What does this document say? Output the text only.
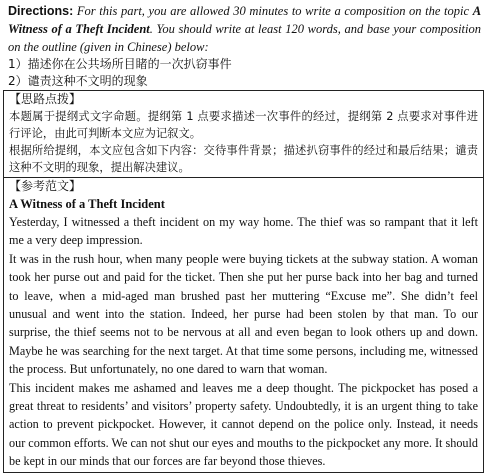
Directions: For this part, you are allowed 30 minutes to write a composition on the topic A Witness of a Theft Incident. You should write at least 120 words, and base your composition on the outline (given in Chinese) below:
1）描述你在公共场所目睹的一次扒窃事件
2）谴责这种不文明的现象
【思路点拨】
本题属于提纲式文字命题。提纲第 1 点要求描述一次事件的经过，提纲第 2 点要求对事件进行评论，由此可判断本文应为记叙文。
根据所给提纲，本文应包含如下内容：交待事件背景；描述扒窃事件的经过和最后结果；谴责这种不文明的现象，提出解决建议。
【参考范文】
A Witness of a Theft Incident

Yesterday, I witnessed a theft incident on my way home. The thief was so rampant that it left me a very deep impression.

It was in the rush hour, when many people were buying tickets at the subway station. A woman took her purse out and paid for the ticket. Then she put her purse back into her bag and turned to leave, when a mid-aged man brushed past her muttering “Excuse me”. She didn’t feel unusual and went into the station. Indeed, her purse had been stolen by that man. To our surprise, the thief seems not to be nervous at all and even began to look others up and down. Maybe he was searching for the next target. At that time some persons, including me, witnessed the process. But unfortunately, no one dared to warn that woman.

This incident makes me ashamed and leaves me a deep thought. The pickpocket has posed a great threat to residents’ and visitors’ property safety. Undoubtedly, it is an urgent thing to take action to prevent pickpocket. However, it cannot depend on the police only. Instead, it needs our common efforts. We can not shut our eyes and mouths to the pickpocket any more. It should be kept in our minds that our forces are far beyond those thieves.
